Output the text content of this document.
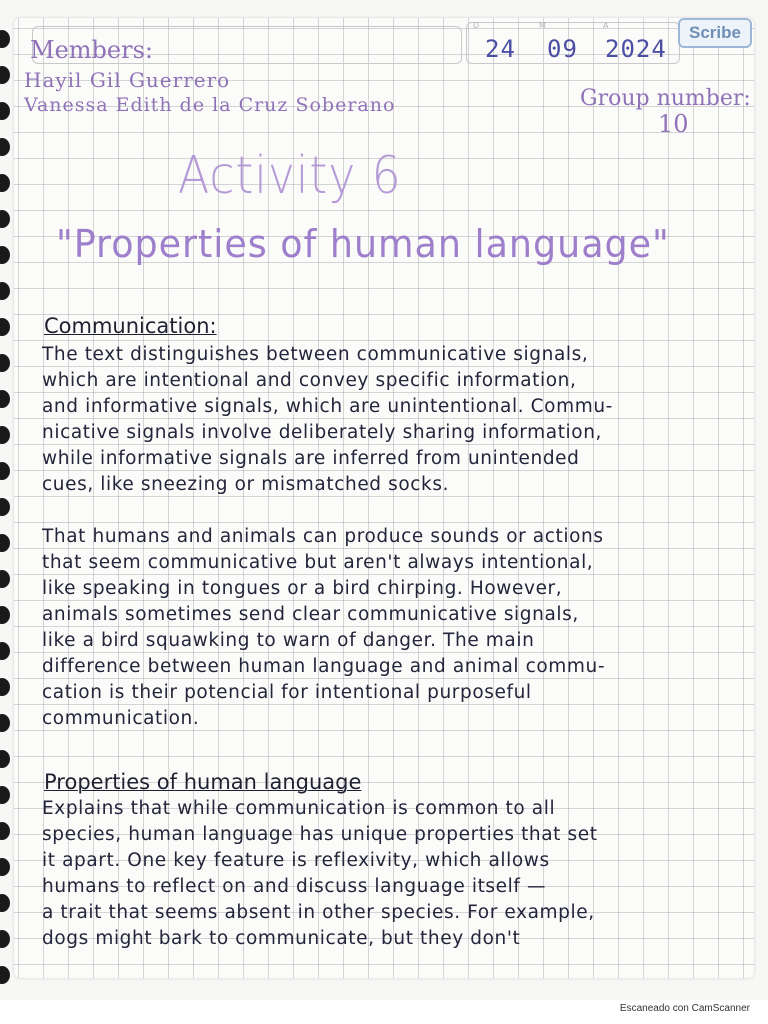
D	M	A
24 09 2024
Scribe
Members:
Hayil Gil Guerrero
Vanessa Edith de la Cruz Soberano	Group number:
10
Activity 6
"Properties of human language"
Communication:
The text distinguishes between communicative signals,
which are intentional and convey specific information,
and informative signals, which are unintentional. Commu-
nicative signals involve deliberately sharing information,
while informative signals are inferred from unintended
cues, like sneezing or mismatched socks.
That humans and animals can produce sounds or actions
that seem communicative but aren't always intentional,
like speaking in tongues or a bird chirping. However,
animals sometimes send clear communicative signals,
like a bird squawking to warn of danger. The main
difference between human language and animal commu-
cation is their potencial for intentional purposeful
communication.
Properties of human language
Explains that while communication is common to all
species, human language has unique properties that set
it apart. One key feature is reflexivity, which allows
humans to reflect on and discuss language itself —
a trait that seems absent in other species. For example,
dogs might bark to communicate, but they don't
Escaneado con CamScanner
